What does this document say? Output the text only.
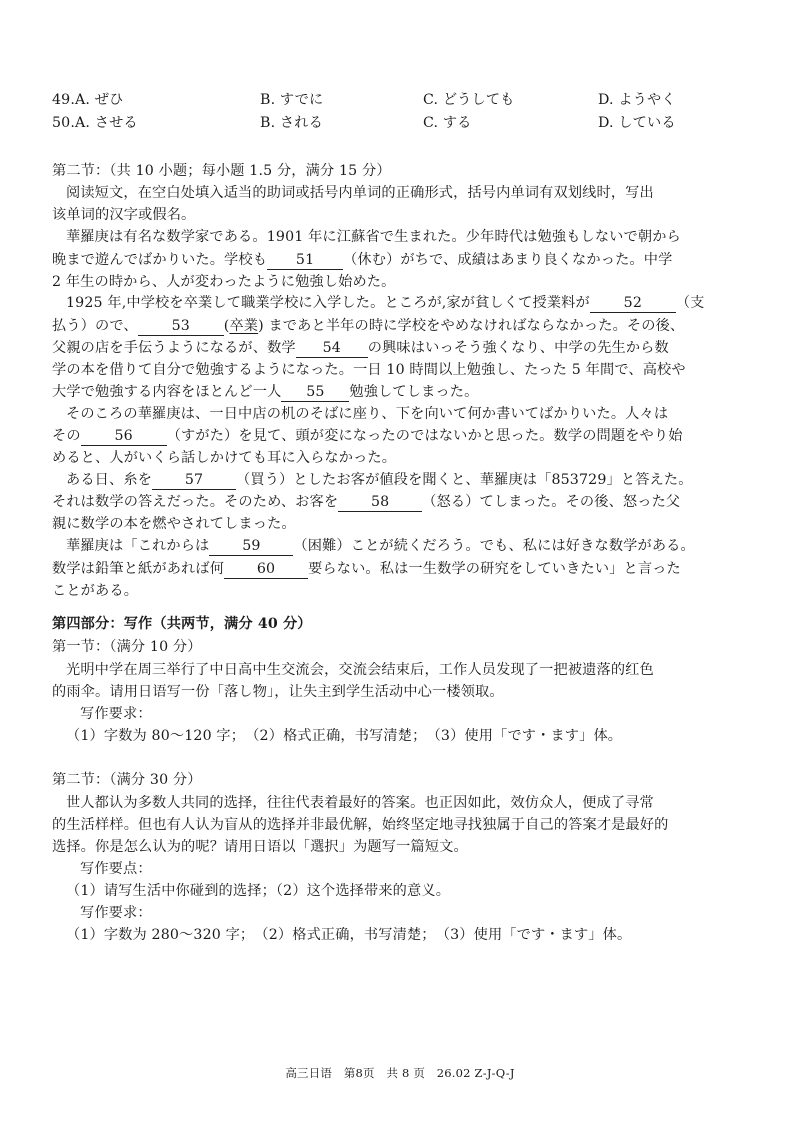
49.A. ぜひ	B. すでに	C. どうしても	D. ようやく
50.A. させる	B. される	C. する	D. している
第二节：（共 10 小题；每小题 1.5 分，满分 15 分）
阅读短文，在空白处填入适当的助词或括号内单词的正确形式，括号内单词有双划线时，写出
该单词的汉字或假名。
華羅庚は有名な数学家である。1901 年に江蘇省で生まれた。少年時代は勉強もしないで朝から
晩まで遊んでばかりいた。学校も 51 （休む）がちで、成績はあまり良くなかった。中学
2 年生の時から、人が変わったように勉強し始めた。
1925 年,中学校を卒業して職業学校に入学した。ところが,家が貧しくて授業料が 52 （支
払う）ので、 53 (卒業) まであと半年の時に学校をやめなければならなかった。その後、
父親の店を手伝うようになるが、数学 54 の興味はいっそう強くなり、中学の先生から数
学の本を借りて自分で勉強するようになった。一日 10 時間以上勉強し、たった 5 年間で、高校や
大学で勉強する内容をほとんど一人 55 勉強してしまった。
そのころの華羅庚は、一日中店の机のそばに座り、下を向いて何か書いてばかりいた。人々は
その 56 （すがた）を見て、頭が変になったのではないかと思った。数学の問題をやり始
めると、人がいくら話しかけても耳に入らなかった。
ある日、糸を 57 （買う）としたお客が値段を聞くと、華羅庚は「853729」と答えた。
それは数学の答えだった。そのため、お客を 58 （怒る）てしまった。その後、怒った父
親に数学の本を燃やされてしまった。
華羅庚は「これからは 59 （困難）ことが続くだろう。でも、私には好きな数学がある。
数学は鉛筆と紙があれば何 60 要らない。私は一生数学の研究をしていきたい」と言った
ことがある。
第四部分：写作（共两节，满分 40 分）
第一节：（满分 10 分）
光明中学在周三举行了中日高中生交流会，交流会结束后，工作人员发现了一把被遗落的红色
的雨伞。请用日语写一份「落し物」，让失主到学生活动中心一楼领取。
写作要求：
（1）字数为 80～120 字；　（2）格式正确，书写清楚；　（3）使用「です・ます」体。
第二节：（满分 30 分）
世人都认为多数人共同的选择，往往代表着最好的答案。也正因如此，效仿众人，便成了寻常
的生活样样。但也有人认为盲从的选择并非最优解，始终坚定地寻找独属于自己的答案才是最好的
选择。你是怎么认为的呢？请用日语以「選択」为题写一篇短文。
写作要点：
（1）请写生活中你碰到的选择；（2）这个选择带来的意义。
写作要求：
（1）字数为 280～320 字；　（2）格式正确，书写清楚；　（3）使用「です・ます」体。
高三日语　第8页　共 8 页　26.02 Z-J-Q-J
